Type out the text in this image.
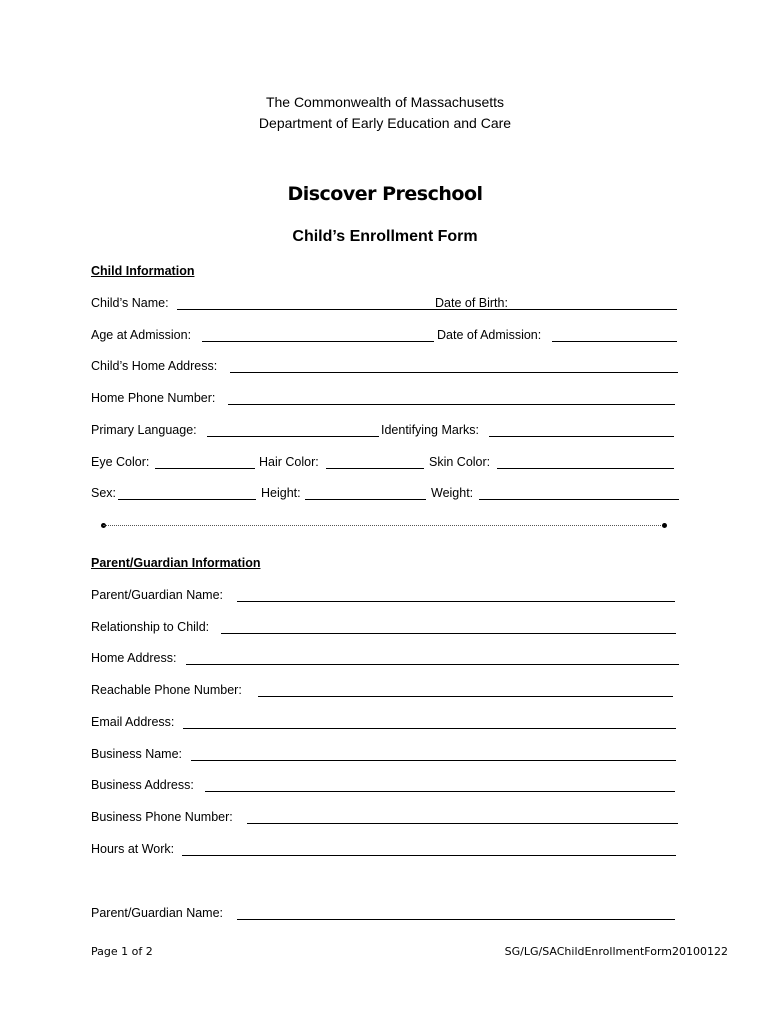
The Commonwealth of Massachusetts
Department of Early Education and Care
Discover Preschool
Child’s Enrollment Form
Child Information
Child’s Name:	Date of Birth:
Age at Admission:	Date of Admission:
Child’s Home Address:
Home Phone Number:
Primary Language:	Identifying Marks:
Eye Color:	Hair Color:	Skin Color:
Sex:	Height:	Weight:
Parent/Guardian Information
Parent/Guardian Name:
Relationship to Child:
Home Address:
Reachable Phone Number:
Email Address:
Business Name:
Business Address:
Business Phone Number:
Hours at Work:
Parent/Guardian Name:
Page 1 of 2	SG/LG/SAChildEnrollmentForm20100122
